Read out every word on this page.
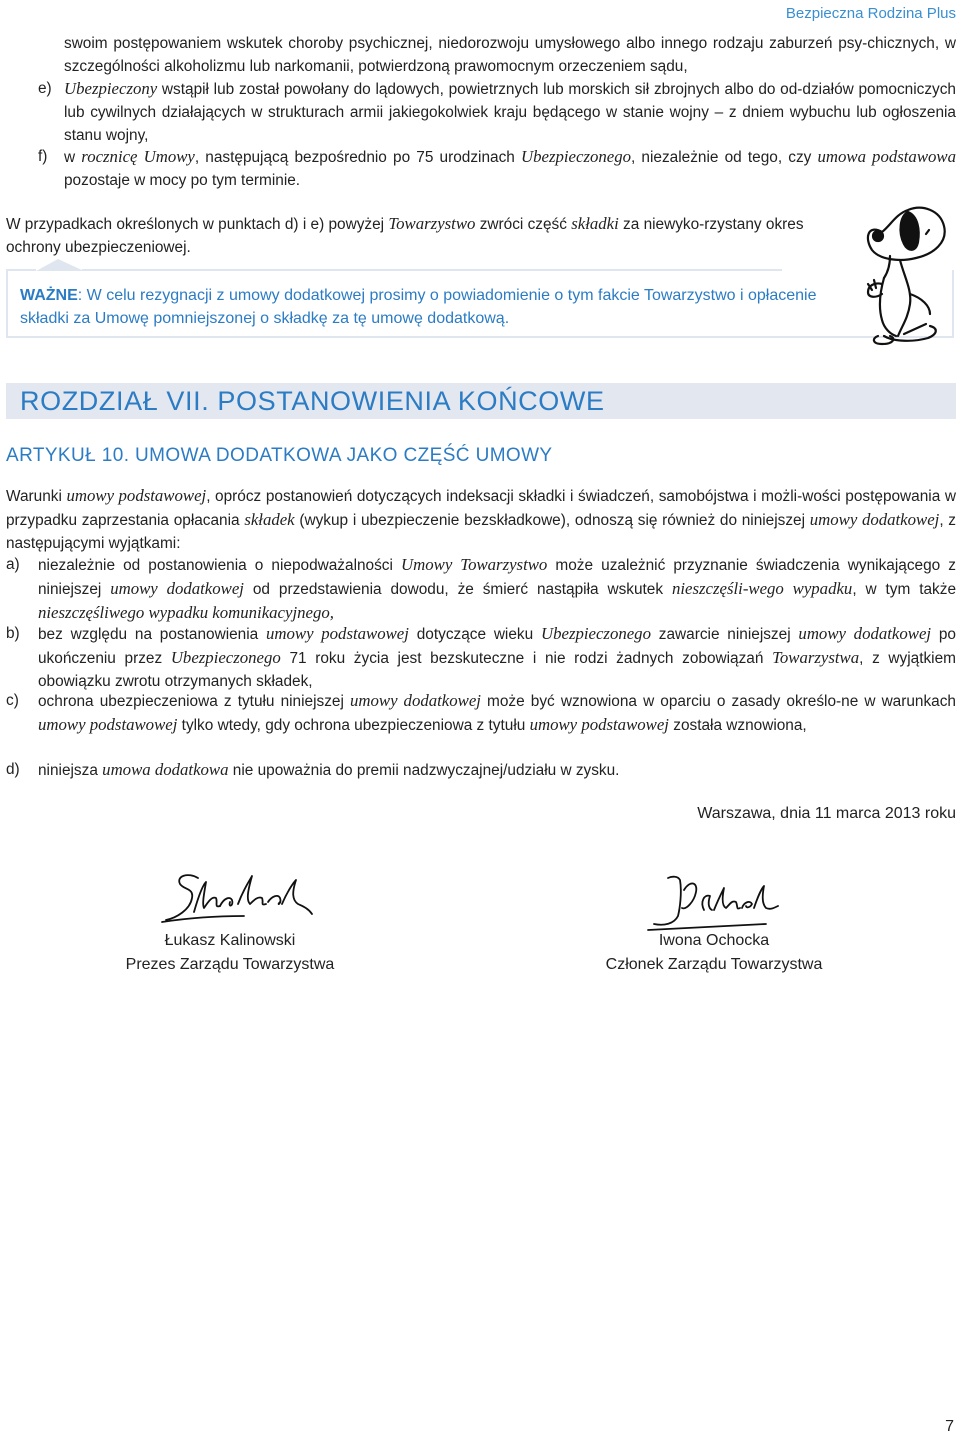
Bezpieczna Rodzina Plus
swoim postępowaniem wskutek choroby psychicznej, niedorozwoju umysłowego albo innego rodzaju zaburzeń psy-chicznych, w szczególności alkoholizmu lub narkomanii, potwierdzoną prawomocnym orzeczeniem sądu,
e) Ubezpieczony wstąpił lub został powołany do lądowych, powietrznych lub morskich sił zbrojnych albo do od-działów pomocniczych lub cywilnych działających w strukturach armii jakiegokolwiek kraju będącego w stanie wojny – z dniem wybuchu lub ogłoszenia stanu wojny,
f) w rocznicę Umowy, następującą bezpośrednio po 75 urodzinach Ubezpieczonego, niezależnie od tego, czy umowa podstawowa pozostaje w mocy po tym terminie.
W przypadkach określonych w punktach d) i e) powyżej Towarzystwo zwróci część składki za niewyko-rzystany okres ochrony ubezpieczeniowej.
WAŻNE: W celu rezygnacji z umowy dodatkowej prosimy o powiadomienie o tym fakcie Towarzystwo i opłacenie składki za Umowę pomniejszonej o składkę za tę umowę dodatkową.
ROZDZIAŁ VII. POSTANOWIENIA KOŃCOWE
ARTYKUŁ 10. UMOWA DODATKOWA JAKO CZĘŚĆ UMOWY
Warunki umowy podstawowej, oprócz postanowień dotyczących indeksacji składki i świadczeń, samobójstwa i możli-wości postępowania w przypadku zaprzestania opłacania składek (wykup i ubezpieczenie bezskładkowe), odnoszą się również do niniejszej umowy dodatkowej, z następującymi wyjątkami:
a) niezależnie od postanowienia o niepodważalności Umowy Towarzystwo może uzależnić przyznanie świadczenia wynikającego z niniejszej umowy dodatkowej od przedstawienia dowodu, że śmierć nastąpiła wskutek nieszczęśli-wego wypadku, w tym także nieszczęśliwego wypadku komunikacyjnego,
b) bez względu na postanowienia umowy podstawowej dotyczące wieku Ubezpieczonego zawarcie niniejszej umowy dodatkowej po ukończeniu przez Ubezpieczonego 71 roku życia jest bezskuteczne i nie rodzi żadnych zobowiązań Towarzystwa, z wyjątkiem obowiązku zwrotu otrzymanych składek,
c) ochrona ubezpieczeniowa z tytułu niniejszej umowy dodatkowej może być wznowiona w oparciu o zasady określo-ne w warunkach umowy podstawowej tylko wtedy, gdy ochrona ubezpieczeniowa z tytułu umowy podstawowej została wznowiona,
d) niniejsza umowa dodatkowa nie upoważnia do premii nadzwyczajnej/udziału w zysku.
Warszawa, dnia 11 marca 2013 roku
Łukasz Kalinowski
Prezes Zarządu Towarzystwa
Iwona Ochocka
Członek Zarządu Towarzystwa
7
